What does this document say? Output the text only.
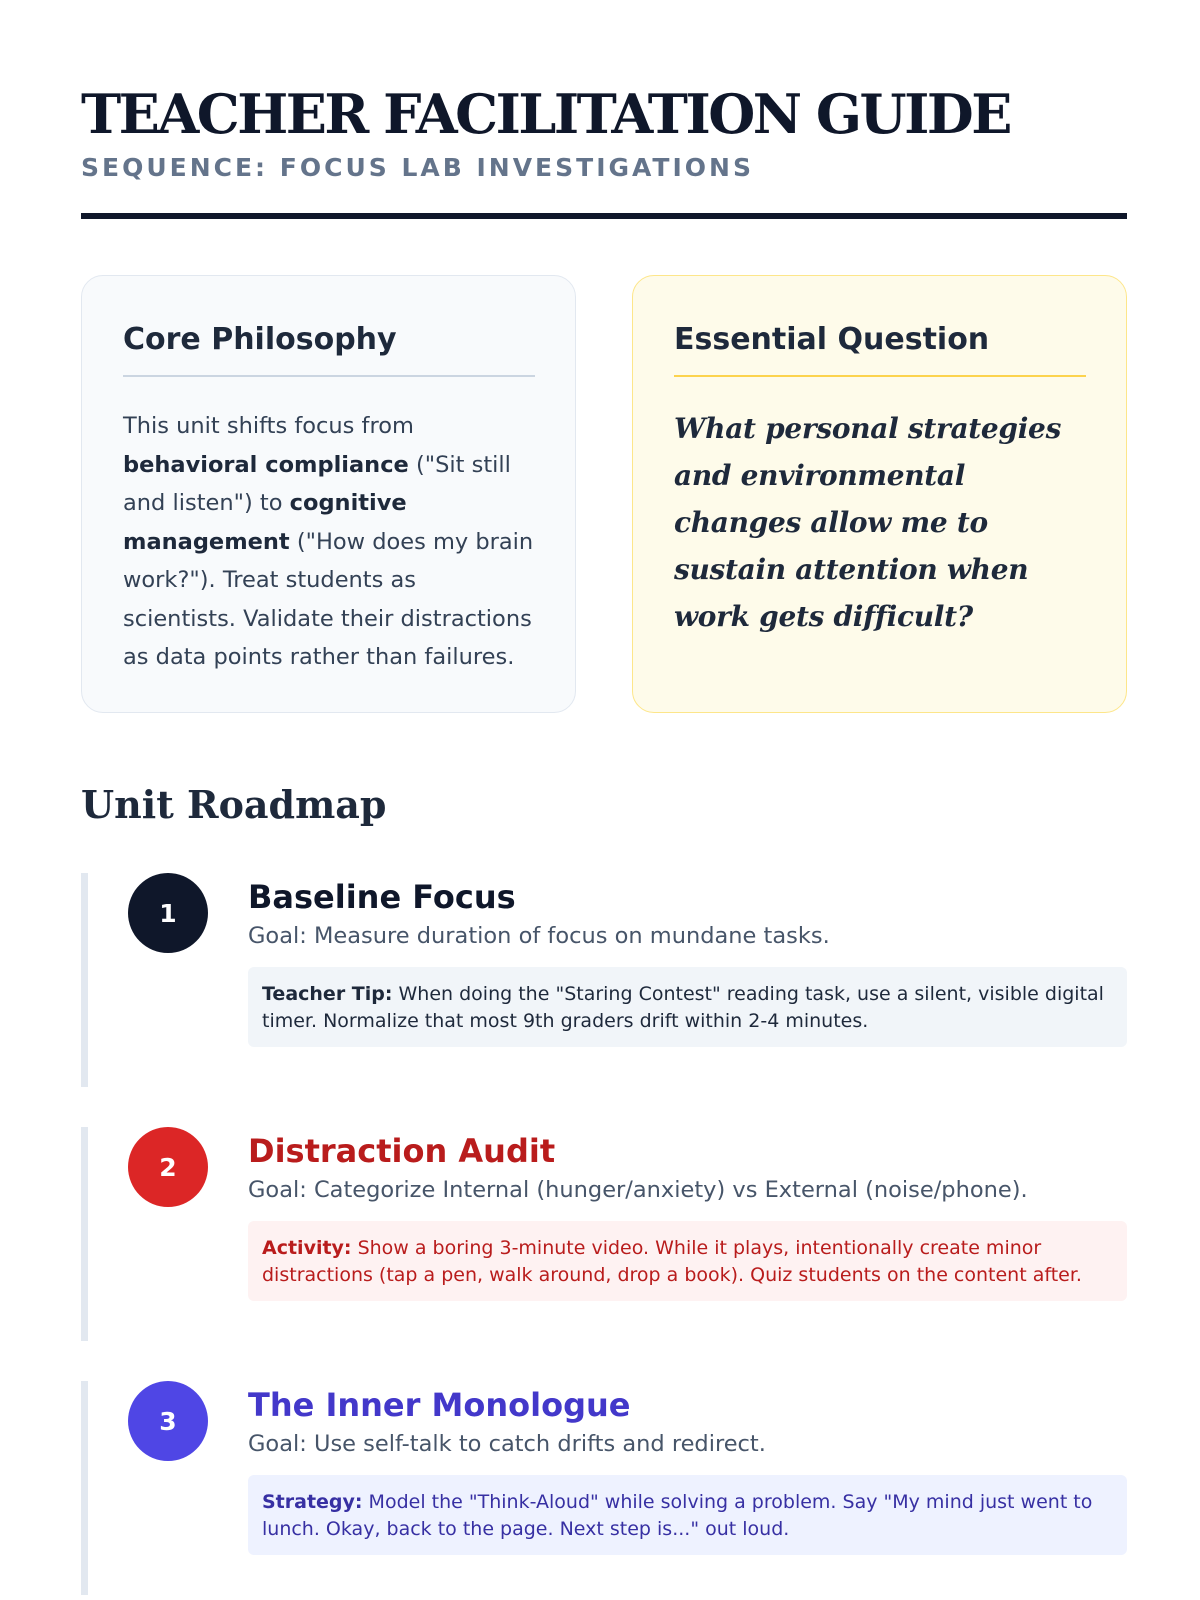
TEACHER FACILITATION GUIDE
SEQUENCE: FOCUS LAB INVESTIGATIONS
Core Philosophy

This unit shifts focus from behavioral compliance ("Sit still and listen") to cognitive management ("How does my brain work?"). Treat students as scientists. Validate their distractions as data points rather than failures.

Essential Question

What personal strategies and environmental changes allow me to sustain attention when work gets difficult?

Unit Roadmap
1	Baseline Focus

Goal: Measure duration of focus on mundane tasks.

Teacher Tip: When doing the "Staring Contest" reading task, use a silent, visible digital timer. Normalize that most 9th graders drift within 2-4 minutes.
2	Distraction Audit

Goal: Categorize Internal (hunger/anxiety) vs External (noise/phone).

Activity: Show a boring 3-minute video. While it plays, intentionally create minor distractions (tap a pen, walk around, drop a book). Quiz students on the content after.
3	The Inner Monologue

Goal: Use self-talk to catch drifts and redirect.

Strategy: Model the "Think-Aloud" while solving a problem. Say "My mind just went to lunch. Okay, back to the page. Next step is..." out loud.
